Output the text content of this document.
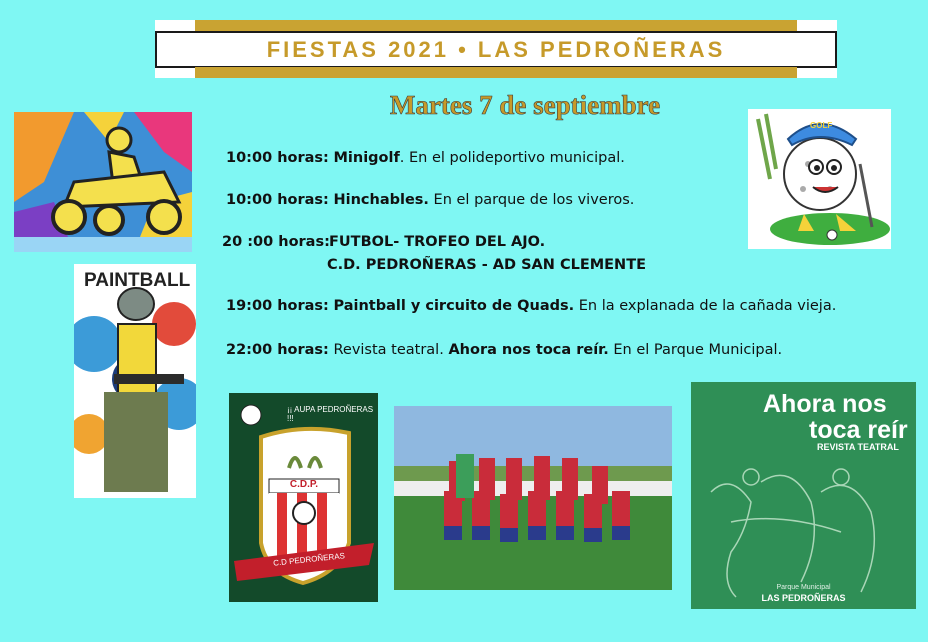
FIESTAS 2021 • LAS PEDROÑERAS
Martes 7 de septiembre
10:00 horas: Minigolf. En el polideportivo municipal.
10:00 horas: Hinchables. En el parque de los viveros.
20 :00 horas: FUTBOL- TROFEO DEL AJO.
C.D. PEDROÑERAS - AD SAN CLEMENTE
19:00 horas: Paintball y circuito de Quads. En la explanada de la cañada vieja.
22:00 horas: Revista teatral. Ahora nos toca reír. En el Parque Municipal.
PAINTBALL
GOLF
¡¡ AUPA PEDROÑERAS !!!
C.D.P.
C.D PEDROÑERAS
Ahora nos
toca reír
REVISTA TEATRAL
Parque Municipal
LAS PEDROÑERAS
